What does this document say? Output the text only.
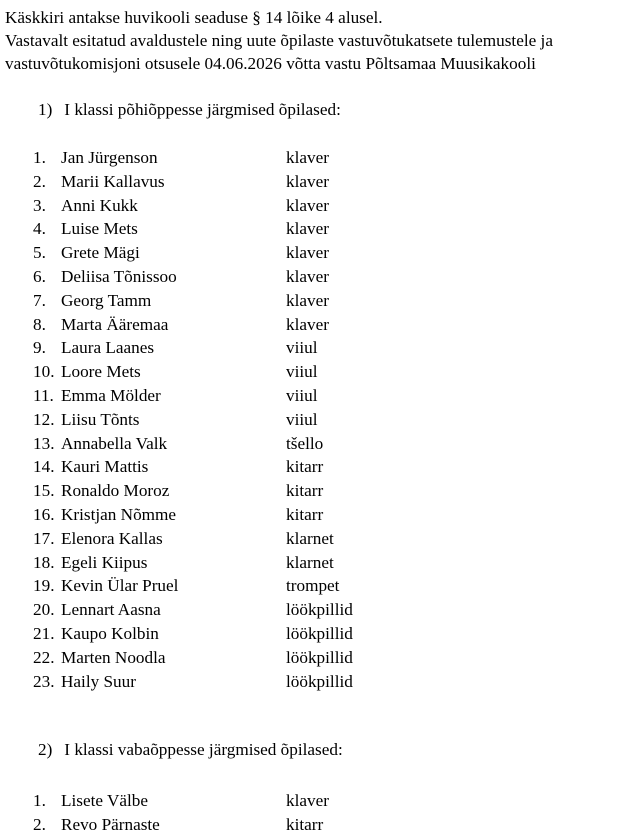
Käskkiri antakse huvikooli seaduse § 14 lõike 4 alusel.
Vastavalt esitatud avaldustele ning uute õpilaste vastuvõtukatsete tulemustele ja
vastuvõtukomisjoni otsusele 04.06.2026 võtta vastu Põltsamaa Muusikakooli
1) I klassi põhiõppesse järgmised õpilased:
1. Jan Jürgenson	klaver
2. Marii Kallavus	klaver
3. Anni Kukk	klaver
4. Luise Mets	klaver
5. Grete Mägi	klaver
6. Deliisa Tõnissoo	klaver
7. Georg Tamm	klaver
8. Marta Ääremaa	klaver
9. Laura Laanes	viiul
10. Loore Mets	viiul
11. Emma Mölder	viiul
12. Liisu Tõnts	viiul
13. Annabella Valk	tšello
14. Kauri Mattis	kitarr
15. Ronaldo Moroz	kitarr
16. Kristjan Nõmme	kitarr
17. Elenora Kallas	klarnet
18. Egeli Kiipus	klarnet
19. Kevin Ülar Pruel	trompet
20. Lennart Aasna	löökpillid
21. Kaupo Kolbin	löökpillid
22. Marten Noodla	löökpillid
23. Haily Suur	löökpillid
2) I klassi vabaõppesse järgmised õpilased:
1. Lisete Välbe	klaver
2. Revo Pärnaste	kitarr
